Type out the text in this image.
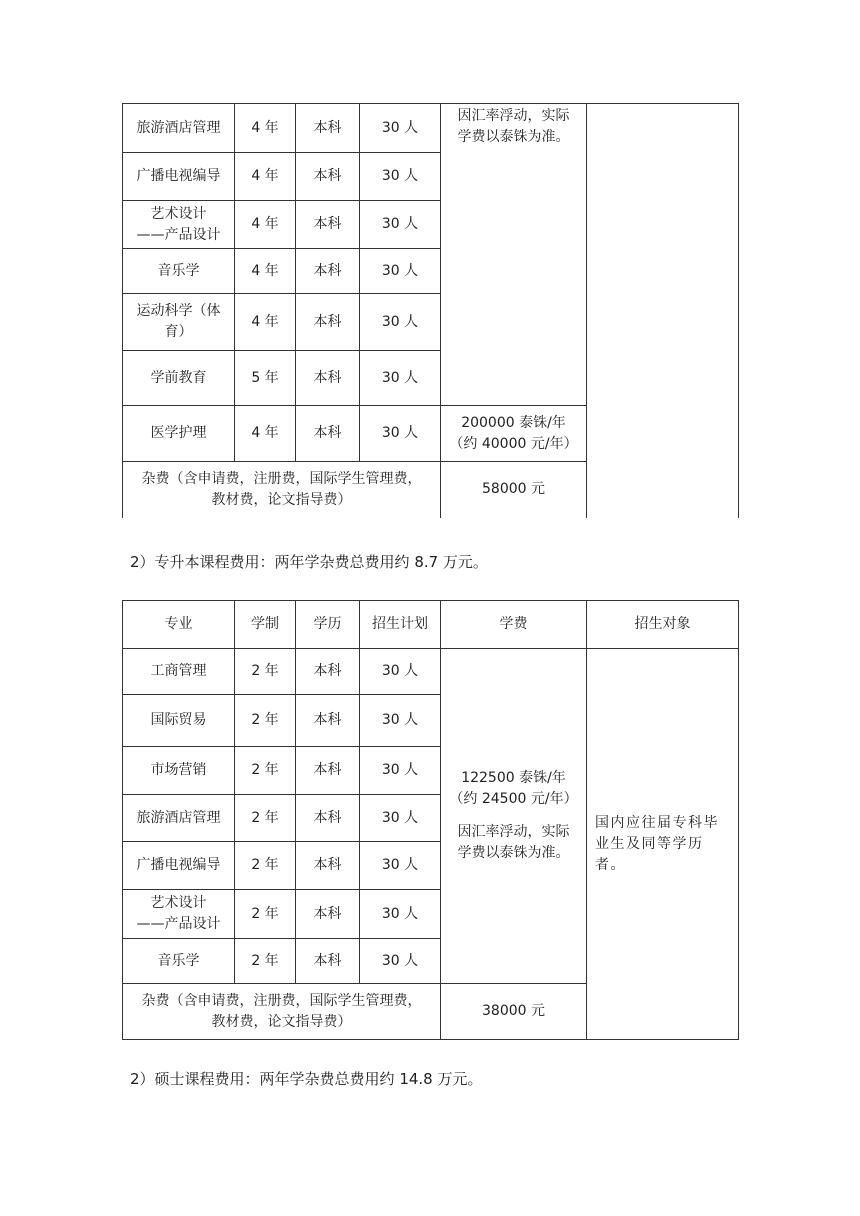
旅游酒店管理	4 年	本科	30 人	因汇率浮动，实际
学费以泰铢为准。	
广播电视编导	4 年	本科	30 人		
艺术设计
——产品设计	4 年	本科	30 人		
音乐学	4 年	本科	30 人		
运动科学（体
育）	4 年	本科	30 人		
学前教育	5 年	本科	30 人		
医学护理	4 年	本科	30 人	200000 泰铢/年
（约 40000 元/年）	
杂费（含申请费，注册费，国际学生管理费，
教材费，论文指导费）				58000 元	
2）专升本课程费用：两年学杂费总费用约 8.7 万元。
专业	学制	学历	招生计划	学费	招生对象
工商管理	2 年	本科	30 人	122500 泰铢/年
（约 24500 元/年）
因汇率浮动，实际
学费以泰铢为准。	国内应往届专科毕业生及同等学历者。
国际贸易	2 年	本科	30 人		
市场营销	2 年	本科	30 人		
旅游酒店管理	2 年	本科	30 人		
广播电视编导	2 年	本科	30 人		
艺术设计
——产品设计	2 年	本科	30 人		
音乐学	2 年	本科	30 人		
杂费（含申请费，注册费，国际学生管理费，
教材费，论文指导费）				38000 元	
2）硕士课程费用：两年学杂费总费用约 14.8 万元。
